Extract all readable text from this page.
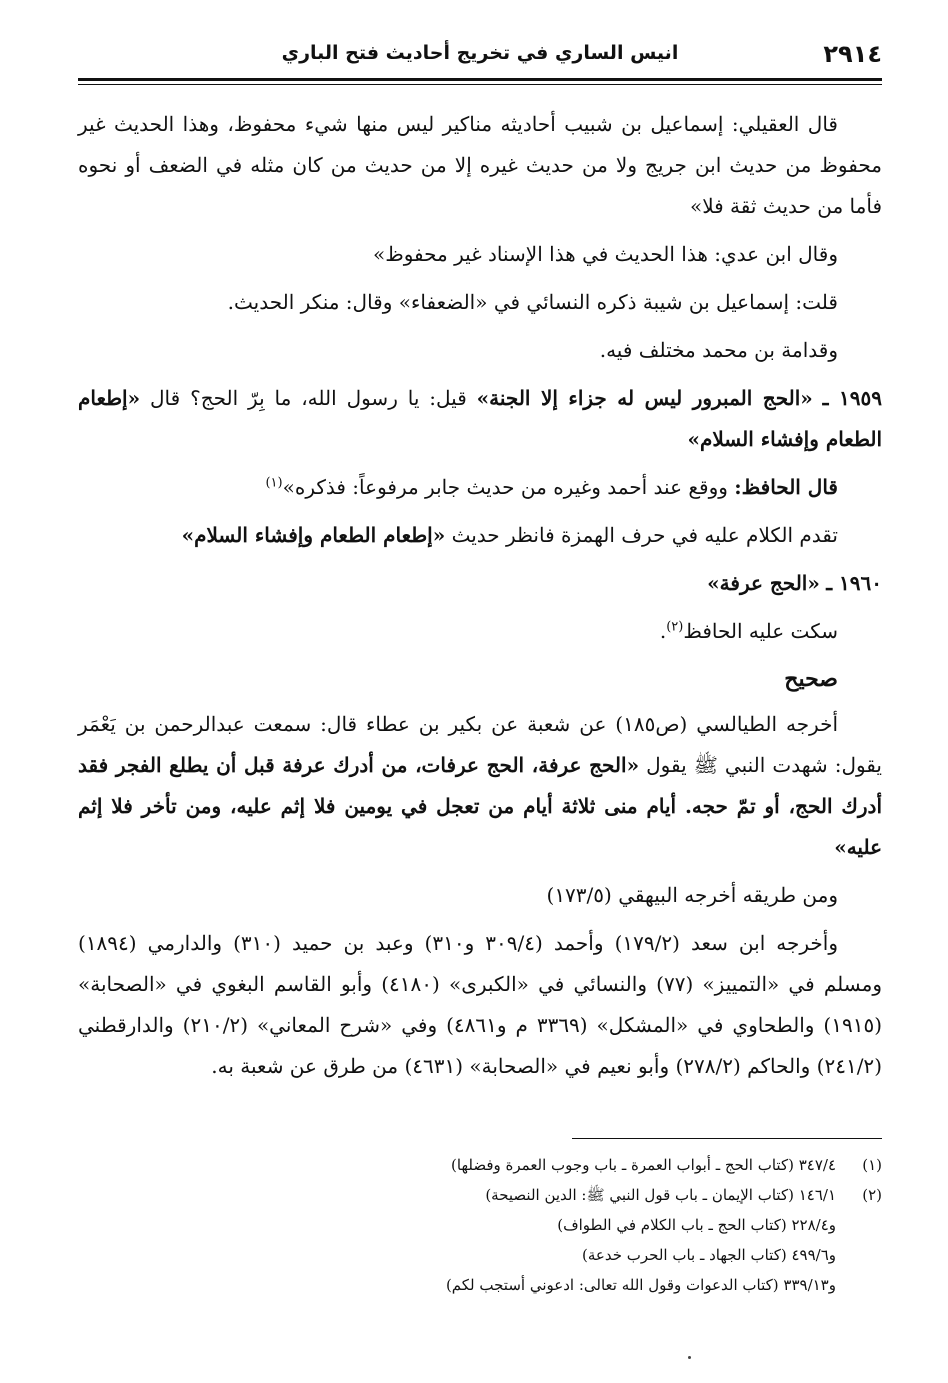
٢٩١٤
انيس الساري في تخريج أحاديث فتح الباري

قال العقيلي: إسماعيل بن شبيب أحاديثه مناكير ليس منها شيء محفوظ، وهذا الحديث غير محفوظ من حديث ابن جريج ولا من حديث غيره إلا من حديث من كان مثله في الضعف أو نحوه فأما من حديث ثقة فلا»

وقال ابن عدي: هذا الحديث في هذا الإسناد غير محفوظ»

قلت: إسماعيل بن شيبة ذكره النسائي في «الضعفاء» وقال: منكر الحديث.

وقدامة بن محمد مختلف فيه.

١٩٥٩ ـ «الحج المبرور ليس له جزاء إلا الجنة» قيل: يا رسول الله، ما بِرّ الحج؟ قال «إطعام الطعام وإفشاء السلام»

قال الحافظ: ووقع عند أحمد وغيره من حديث جابر مرفوعاً: فذكره»$^{(١)}$

تقدم الكلام عليه في حرف الهمزة فانظر حديث «إطعام الطعام وإفشاء السلام»

١٩٦٠ ـ «الحج عرفة»

سكت عليه الحافظ$^{(٢)}$.

صحيح

أخرجه الطيالسي (ص١٨٥) عن شعبة عن بكير بن عطاء قال: سمعت عبدالرحمن بن يَعْمَر يقول: شهدت النبي ﷺ يقول «الحج عرفة، الحج عرفات، من أدرك عرفة قبل أن يطلع الفجر فقد أدرك الحج، أو تمّ حجه. أيام منى ثلاثة أيام من تعجل في يومين فلا إثم عليه، ومن تأخر فلا إثم عليه»

ومن طريقه أخرجه البيهقي (١٧٣/٥)

وأخرجه ابن سعد (١٧٩/٢) وأحمد (٣٠٩/٤ و٣١٠) وعبد بن حميد (٣١٠) والدارمي (١٨٩٤) ومسلم في «التمييز» (٧٧) والنسائي في «الكبرى» (٤١٨٠) وأبو القاسم البغوي في «الصحابة» (١٩١٥) والطحاوي في «المشكل» (٣٣٦٩ م و٤٨٦١) وفي «شرح المعاني» (٢١٠/٢) والدارقطني (٢٤١/٢) والحاكم (٢٧٨/٢) وأبو نعيم في «الصحابة» (٤٦٣١) من طرق عن شعبة به.

(١)
٣٤٧/٤ (كتاب الحج ـ أبواب العمرة ـ باب وجوب العمرة وفضلها)
(٢)
١٤٦/١ (كتاب الإيمان ـ باب قول النبي ﷺ: الدين النصيحة)
و٢٢٨/٤ (كتاب الحج ـ باب الكلام في الطواف)
و٤٩٩/٦ (كتاب الجهاد ـ باب الحرب خدعة)
و٣٣٩/١٣ (كتاب الدعوات وقول الله تعالى: ادعوني أستجب لكم)
